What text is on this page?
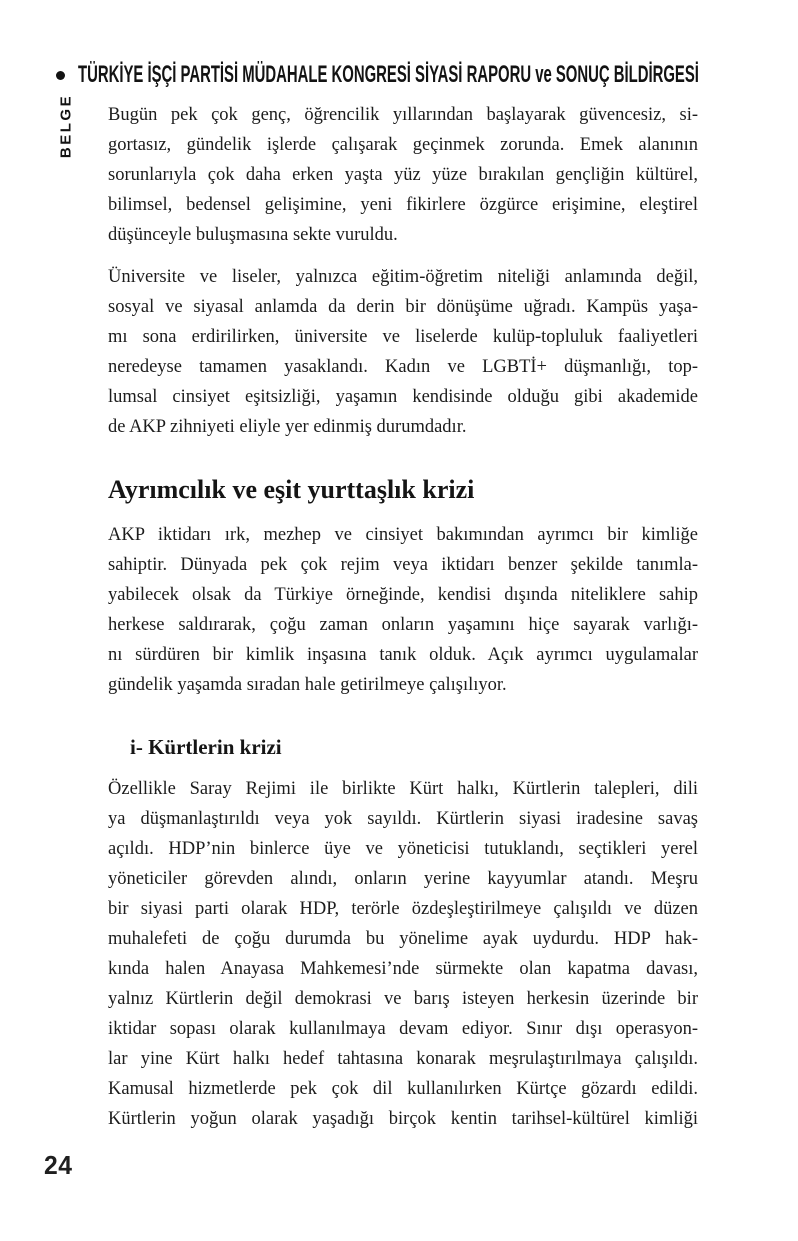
TÜRKİYE İŞÇİ PARTİSİ MÜDAHALE KONGRESİ SİYASİ RAPORU ve SONUÇ BİLDİRGESİ
BELGE Bugün pek çok genç, öğrencilik yıllarından başlayarak güvencesiz, si-
gortasız, gündelik işlerde çalışarak geçinmek zorunda. Emek alanının
sorunlarıyla çok daha erken yaşta yüz yüze bırakılan gençliğin kültürel,
bilimsel, bedensel gelişimine, yeni fikirlere özgürce erişimine, eleştirel
düşünceyle buluşmasına sekte vuruldu.
Üniversite ve liseler, yalnızca eğitim-öğretim niteliği anlamında değil,
sosyal ve siyasal anlamda da derin bir dönüşüme uğradı. Kampüs yaşa-
mı sona erdirilirken, üniversite ve liselerde kulüp-topluluk faaliyetleri
neredeyse tamamen yasaklandı. Kadın ve LGBTİ+ düşmanlığı, top-
lumsal cinsiyet eşitsizliği, yaşamın kendisinde olduğu gibi akademide
de AKP zihniyeti eliyle yer edinmiş durumdadır.
Ayrımcılık ve eşit yurttaşlık krizi
AKP iktidarı ırk, mezhep ve cinsiyet bakımından ayrımcı bir kimliğe
sahiptir. Dünyada pek çok rejim veya iktidarı benzer şekilde tanımla-
yabilecek olsak da Türkiye örneğinde, kendisi dışında niteliklere sahip
herkese saldırarak, çoğu zaman onların yaşamını hiçe sayarak varlığı-
nı sürdüren bir kimlik inşasına tanık olduk. Açık ayrımcı uygulamalar
gündelik yaşamda sıradan hale getirilmeye çalışılıyor.
i- Kürtlerin krizi
Özellikle Saray Rejimi ile birlikte Kürt halkı, Kürtlerin talepleri, dili
ya düşmanlaştırıldı veya yok sayıldı. Kürtlerin siyasi iradesine savaş
açıldı. HDP’nin binlerce üye ve yöneticisi tutuklandı, seçtikleri yerel
yöneticiler görevden alındı, onların yerine kayyumlar atandı. Meşru
bir siyasi parti olarak HDP, terörle özdeşleştirilmeye çalışıldı ve düzen
muhalefeti de çoğu durumda bu yönelime ayak uydurdu. HDP hak-
kında halen Anayasa Mahkemesi’nde sürmekte olan kapatma davası,
yalnız Kürtlerin değil demokrasi ve barış isteyen herkesin üzerinde bir
iktidar sopası olarak kullanılmaya devam ediyor. Sınır dışı operasyon-
lar yine Kürt halkı hedef tahtasına konarak meşrulaştırılmaya çalışıldı.
Kamusal hizmetlerde pek çok dil kullanılırken Kürtçe gözardı edildi.
Kürtlerin yoğun olarak yaşadığı birçok kentin tarihsel-kültürel kimliği
24
